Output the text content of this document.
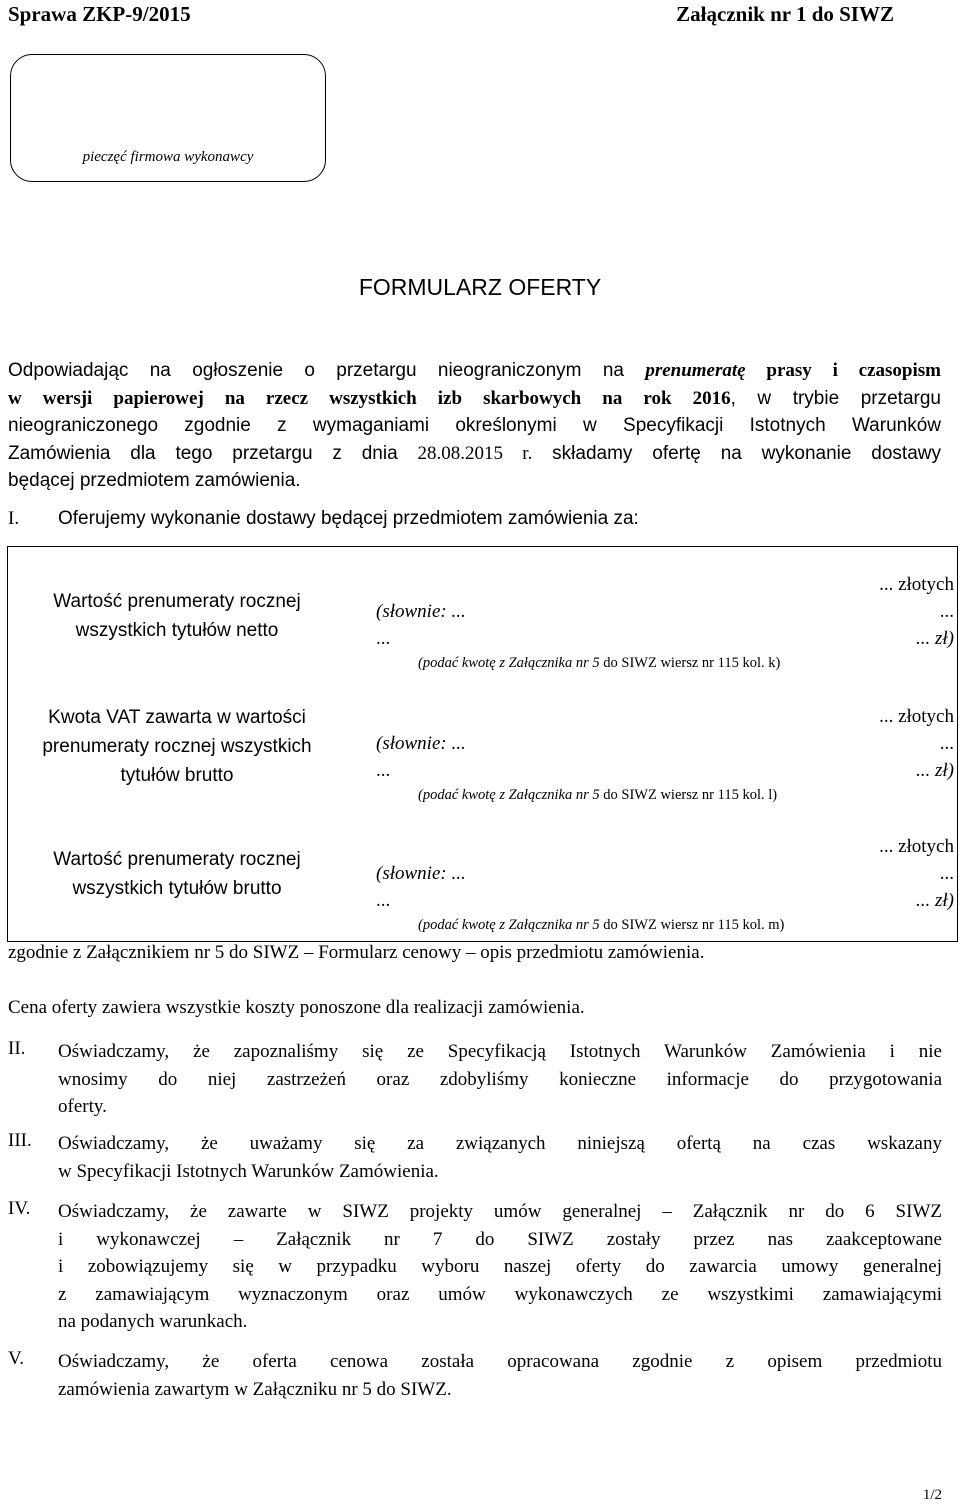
Sprawa ZKP-9/2015	Załącznik nr 1 do SIWZ
pieczęć firmowa wykonawcy
FORMULARZ OFERTY
Odpowiadając na ogłoszenie o przetargu nieograniczonym na prenumeratę prasy i czasopism
w wersji papierowej na rzecz wszystkich izb skarbowych na rok 2016, w trybie przetargu
nieograniczonego zgodnie z wymaganiami określonymi w Specyfikacji Istotnych Warunków
Zamówienia dla tego przetargu z dnia 28.08.2015 r. składamy ofertę na wykonanie dostawy
będącej przedmiotem zamówienia.
I. Oferujemy wykonanie dostawy będącej przedmiotem zamówienia za:
Wartość prenumeraty rocznej
wszystkich tytułów netto
... złotych
(słownie: ...	...
...	... zł)
(podać kwotę z Załącznika nr 5 do SIWZ wiersz nr 115 kol. k)
Kwota VAT zawarta w wartości
prenumeraty rocznej wszystkich
tytułów brutto
... złotych
(słownie: ...	...
...	... zł)
(podać kwotę z Załącznika nr 5 do SIWZ wiersz nr 115 kol. l)
Wartość prenumeraty rocznej
wszystkich tytułów brutto
... złotych
(słownie: ...	...
...	... zł)
(podać kwotę z Załącznika nr 5 do SIWZ wiersz nr 115 kol. m)
zgodnie z Załącznikiem nr 5 do SIWZ – Formularz cenowy – opis przedmiotu zamówienia.
Cena oferty zawiera wszystkie koszty ponoszone dla realizacji zamówienia.
II. Oświadczamy, że zapoznaliśmy się ze Specyfikacją Istotnych Warunków Zamówienia i nie
wnosimy do niej zastrzeżeń oraz zdobyliśmy konieczne informacje do przygotowania
oferty.
III. Oświadczamy, że uważamy się za związanych niniejszą ofertą na czas wskazany
w Specyfikacji Istotnych Warunków Zamówienia.
IV. Oświadczamy, że zawarte w SIWZ projekty umów generalnej – Załącznik nr do 6 SIWZ
i wykonawczej – Załącznik nr 7 do SIWZ zostały przez nas zaakceptowane
i zobowiązujemy się w przypadku wyboru naszej oferty do zawarcia umowy generalnej
z zamawiającym wyznaczonym oraz umów wykonawczych ze wszystkimi zamawiającymi
na podanych warunkach.
V. Oświadczamy, że oferta cenowa została opracowana zgodnie z opisem przedmiotu
zamówienia zawartym w Załączniku nr 5 do SIWZ.
1/2
